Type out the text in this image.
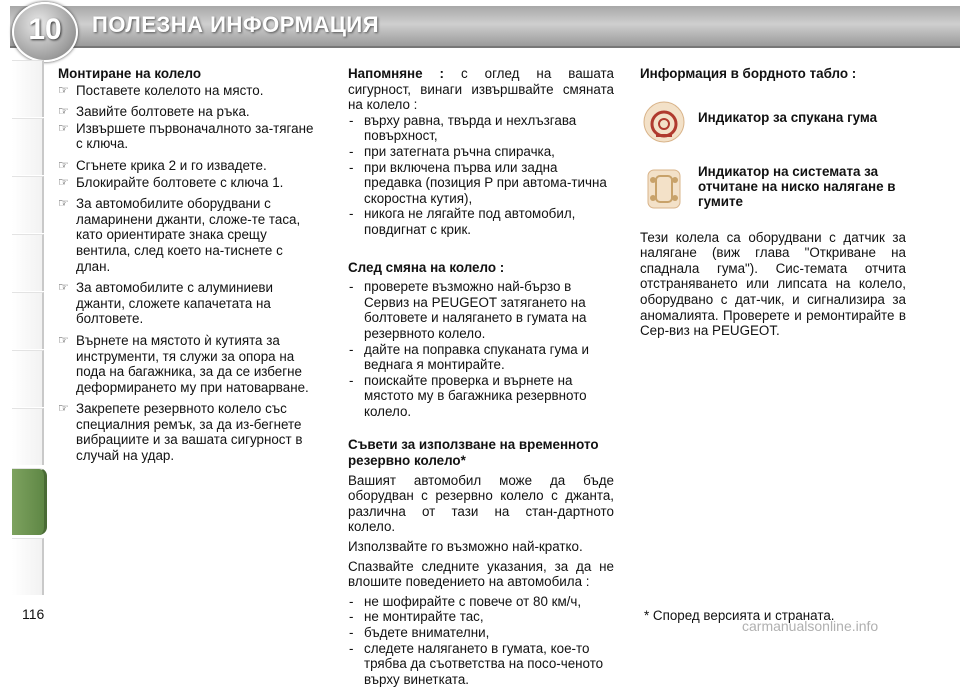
ПОЛЕЗНА ИНФОРМАЦИЯ
10
Монтиране на колело
☞ Поставете колелото на място.
☞ Завийте болтовете на ръка.
☞ Извършете първоначалното за-тягане с ключа.
☞ Сгънете крика 2 и го извадете.
☞ Блокирайте болтовете с ключа 1.
☞ За автомобилите оборудвани с ламаринени джанти, сложе-те таса, като ориентирате знака срещу вентила, след което на-тиснете с длан.
☞ За автомобилите с алуминиеви джанти, сложете капачетата на болтовете.
☞ Върнете на мястото ѝ кутията за инструменти, тя служи за опора на пода на багажника, за да се избегне деформирането му при натоварване.
☞ Закрепете резервното колело със специалния ремък, за да из-бегнете вибрациите и за вашата сигурност в случай на удар.
Напомняне : с оглед на вашата сигурност, винаги извършвайте смяната на колело :
- върху равна, твърда и нехлъзгава повърхност,
- при затегната ръчна спирачка,
- при включена първа или задна предавка (позиция P при автома-тична скоростна кутия),
- никога не лягайте под автомобил, повдигнат с крик.
След смяна на колело :
- проверете възможно най-бързо в Сервиз на PEUGEOT затягането на болтовете и налягането в гумата на резервното колело.
- дайте на поправка спуканата гума и веднага я монтирайте.
- поискайте проверка и върнете на мястото му в багажника резервното колело.
Съвети за използване на временното резервно колело*
Вашият автомобил може да бъде оборудван с резервно колело с джанта, различна от тази на стан-дартното колело.
Използвайте го възможно най-кратко.
Спазвайте следните указания, за да не влошите поведението на автомобила :
- не шофирайте с повече от 80 км/ч,
- не монтирайте тас,
- бъдете внимателни,
- следете налягането в гумата, кое-то трябва да съответства на посо-ченото върху винетката.
Информация в бордното табло :
Индикатор за спукана гума
Индикатор на системата за отчитане на ниско налягане в гумите
Тези колела са оборудвани с датчик за налягане (виж глава "Откриване на спаднала гума"). Сис-темата отчита отстраняването или липсата на колело, оборудвано с дат-чик, и сигнализира за аномалията. Проверете и ремонтирайте в Сер-виз на PEUGEOT.
* Според версията и страната.
116
carmanualsonline.info
